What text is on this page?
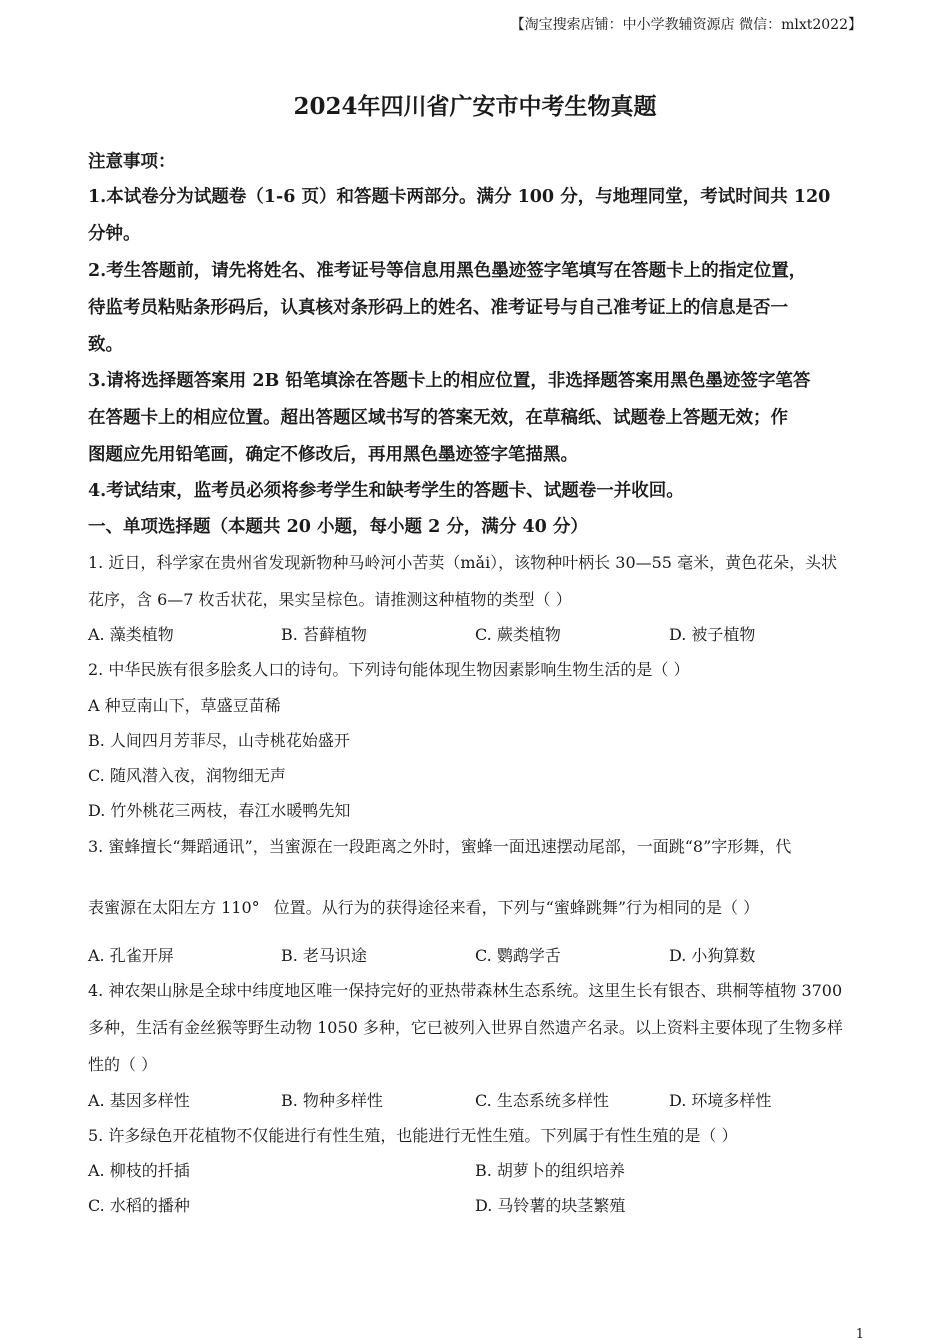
【淘宝搜索店铺：中小学教辅资源店 微信：mlxt2022】
2024年四川省广安市中考生物真题
注意事项：
1.本试卷分为试题卷（1-6 页）和答题卡两部分。满分 100 分，与地理同堂，考试时间共 120
分钟。
2.考生答题前，请先将姓名、准考证号等信息用黑色墨迹签字笔填写在答题卡上的指定位置，
待监考员粘贴条形码后，认真核对条形码上的姓名、准考证号与自己准考证上的信息是否一
致。
3.请将选择题答案用 2B 铅笔填涂在答题卡上的相应位置，非选择题答案用黑色墨迹签字笔答
在答题卡上的相应位置。超出答题区域书写的答案无效，在草稿纸、试题卷上答题无效；作
图题应先用铅笔画，确定不修改后，再用黑色墨迹签字笔描黑。
4.考试结束，监考员必须将参考学生和缺考学生的答题卡、试题卷一并收回。
一、单项选择题（本题共 20 小题，每小题 2 分，满分 40 分）
1. 近日，科学家在贵州省发现新物种马岭河小苦荬（mǎi），该物种叶柄长 30—55 毫米，黄色花朵，头状
花序，含 6—7 枚舌状花，果实呈棕色。请推测这种植物的类型（ ）
A. 藻类植物	B. 苔藓植物	C. 蕨类植物	D. 被子植物
2. 中华民族有很多脍炙人口的诗句。下列诗句能体现生物因素影响生物生活的是（ ）
A 种豆南山下，草盛豆苗稀
B. 人间四月芳菲尽，山寺桃花始盛开
C. 随风潜入夜，润物细无声
D. 竹外桃花三两枝，春江水暖鸭先知
3. 蜜蜂擅长“舞蹈通讯”，当蜜源在一段距离之外时，蜜蜂一面迅速摆动尾部，一面跳“8”字形舞，代
表蜜源在太阳左方 110° 位置。从行为的获得途径来看，下列与“蜜蜂跳舞”行为相同的是（ ）
A. 孔雀开屏	B. 老马识途	C. 鹦鹉学舌	D. 小狗算数
4. 神农架山脉是全球中纬度地区唯一保持完好的亚热带森林生态系统。这里生长有银杏、珙桐等植物 3700
多种，生活有金丝猴等野生动物 1050 多种，它已被列入世界自然遗产名录。以上资料主要体现了生物多样
性的（ ）
A. 基因多样性	B. 物种多样性	C. 生态系统多样性	D. 环境多样性
5. 许多绿色开花植物不仅能进行有性生殖，也能进行无性生殖。下列属于有性生殖的是（ ）
A. 柳枝的扦插	B. 胡萝卜的组织培养
C. 水稻的播种	D. 马铃薯的块茎繁殖
1
